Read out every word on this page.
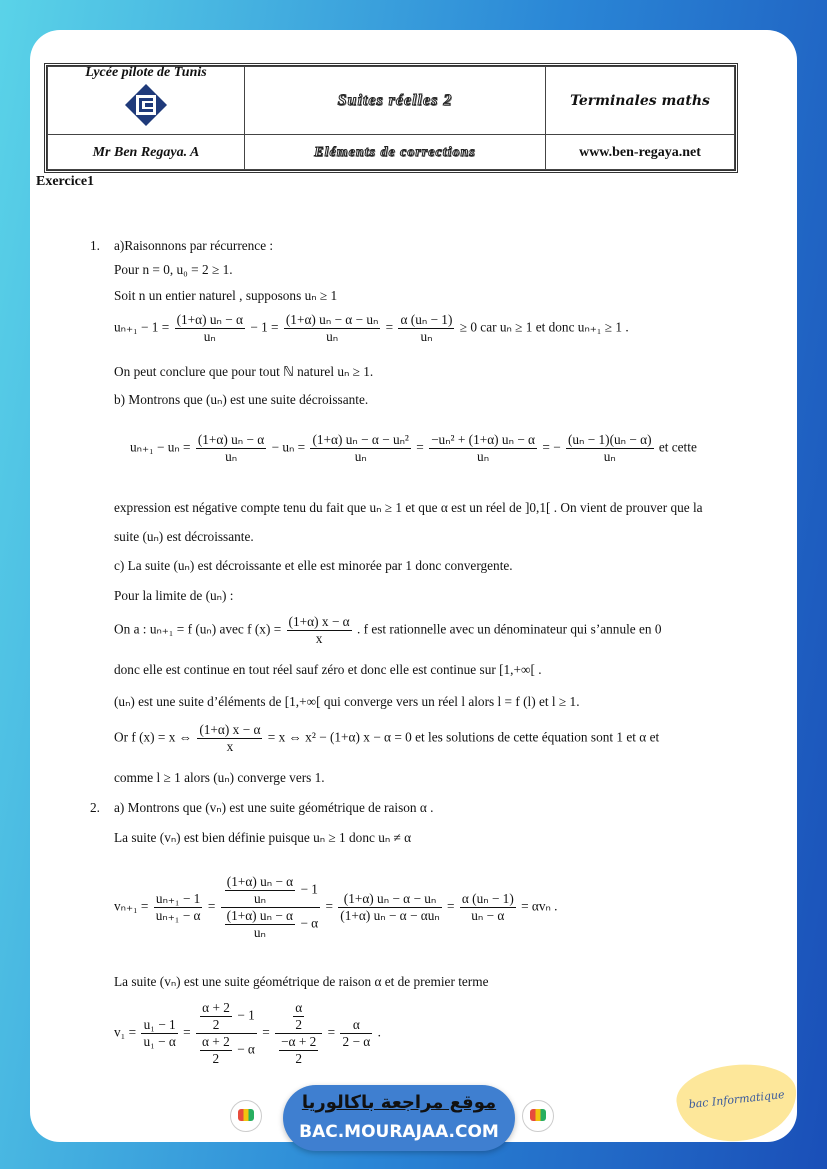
Lycée pilote de Tunis	Suites réelles 2	Terminales maths
Mr Ben Regaya. A	Eléments de corrections	www.ben-regaya.net
Exercice1
1. a)Raisonnons par récurrence :
Pour n = 0, u₀ = 2 ≥ 1.
Soit n un entier naturel , supposons uₙ ≥ 1
$u_{n+1} - 1 = \frac{\text{(1+α) uₙ − α}}{\text{uₙ}} - 1 = \frac{\text{(1+α) uₙ − α − uₙ}}{\text{uₙ}} = \frac{\text{α (uₙ − 1)}}{\text{uₙ}} \ge 0$ car uₙ ≥ 1 et donc uₙ₊₁ ≥ 1 .
On peut conclure que pour tout ℕ naturel uₙ ≥ 1.
b) Montrons que (uₙ) est une suite décroissante.
$u_{n+1} - u_n = \frac{\text{(1+α) uₙ − α}}{\text{uₙ}} - u_n = \frac{\text{(1+α) uₙ − α − uₙ²}}{\text{uₙ}} = \frac{\text{−uₙ² + (1+α) uₙ − α}}{\text{uₙ}}$ = − $\frac{\text{(uₙ − 1)(uₙ − α)}}{\text{uₙ}}$ et cette
expression est négative compte tenu du fait que uₙ ≥ 1 et que α est un réel de ]0,1[ . On vient de prouver que la
suite (uₙ) est décroissante.
c) La suite (uₙ) est décroissante et elle est minorée par 1 donc convergente.
Pour la limite de (uₙ) :
On a : uₙ₊₁ = f (uₙ) avec f $(x) = \frac{(1+\alpha) x - \alpha}{x}$ . f est rationnelle avec un dénominateur qui s’annule en 0
donc elle est continue en tout réel sauf zéro et donc elle est continue sur [1,+∞[ .
(uₙ) est une suite d’éléments de [1,+∞[ qui converge vers un réel l alors l = f (l) et l ≥ 1.
Or f (x) = x ⇔ $\frac{(1+\alpha) x - \alpha}{x} = x$ ⇔ x² − (1+α) x − α = 0 et les solutions de cette équation sont 1 et α et
comme l ≥ 1 alors (uₙ) converge vers 1.
2. a) Montrons que (vₙ) est une suite géométrique de raison α .
La suite (vₙ) est bien définie puisque uₙ ≥ 1 donc uₙ ≠ α
$v_{n+1} = \frac{\text{uₙ₊₁ − 1}}{\text{uₙ₊₁ − α}} = \frac{\frac{\text{(1+α) uₙ − α}}{\text{uₙ}} - 1}{\frac{\text{(1+α) uₙ − α}}{\text{uₙ}} - \alpha} = \frac{\text{(1+α) uₙ − α − uₙ}}{\text{(1+α) uₙ − α − αuₙ}} = \frac{\text{α (uₙ − 1)}}{\text{uₙ − α}} = \alpha v_n$ .
La suite (vₙ) est une suite géométrique de raison α et de premier terme
$v_1 = \frac{\text{u₁ − 1}}{\text{u₁ − α}} = \frac{\frac{\alpha + 2}{2} - 1}{\frac{\alpha + 2}{2} - \alpha} = \frac{\frac{\alpha}{2}}{\frac{-\alpha + 2}{2}} = \frac{\alpha}{2 - \alpha}$ .
موقع مراجعة باكالوريا
BAC.MOURAJAA.COM
bac Informatique
